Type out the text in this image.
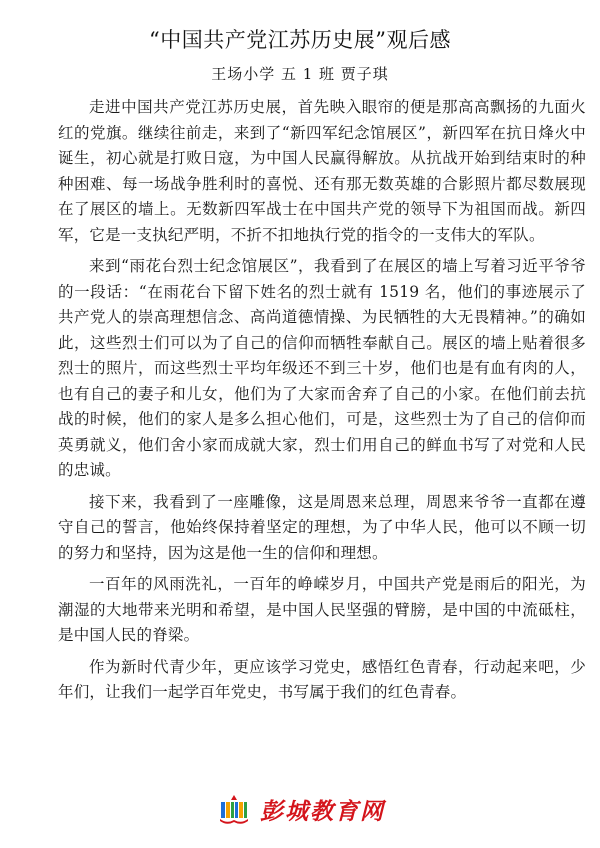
“中国共产党江苏历史展”观后感
王场小学 五 1 班 贾子琪

走进中国共产党江苏历史展，首先映入眼帘的便是那高高飘扬的九面火红的党旗。继续往前走，来到了“新四军纪念馆展区”，新四军在抗日烽火中诞生，初心就是打败日寇，为中国人民赢得解放。从抗战开始到结束时的种种困难、每一场战争胜利时的喜悦、还有那无数英雄的合影照片都尽数展现在了展区的墙上。无数新四军战士在中国共产党的领导下为祖国而战。新四军，它是一支执纪严明，不折不扣地执行党的指令的一支伟大的军队。

来到“雨花台烈士纪念馆展区”，我看到了在展区的墙上写着习近平爷爷的一段话：“在雨花台下留下姓名的烈士就有 1519 名，他们的事迹展示了共产党人的崇高理想信念、高尚道德情操、为民牺牲的大无畏精神。”的确如此，这些烈士们可以为了自己的信仰而牺牲奉献自己。展区的墙上贴着很多烈士的照片，而这些烈士平均年级还不到三十岁，他们也是有血有肉的人，也有自己的妻子和儿女，他们为了大家而舍弃了自己的小家。在他们前去抗战的时候，他们的家人是多么担心他们，可是，这些烈士为了自己的信仰而英勇就义，他们舍小家而成就大家，烈士们用自己的鲜血书写了对党和人民的忠诚。

接下来，我看到了一座雕像，这是周恩来总理，周恩来爷爷一直都在遵守自己的誓言，他始终保持着坚定的理想，为了中华人民，他可以不顾一切的努力和坚持，因为这是他一生的信仰和理想。

一百年的风雨洗礼，一百年的峥嵘岁月，中国共产党是雨后的阳光，为潮湿的大地带来光明和希望，是中国人民坚强的臂膀，是中国的中流砥柱，是中国人民的脊梁。

作为新时代青少年，更应该学习党史，感悟红色青春，行动起来吧，少年们，让我们一起学百年党史，书写属于我们的红色青春。

彭城教育网
